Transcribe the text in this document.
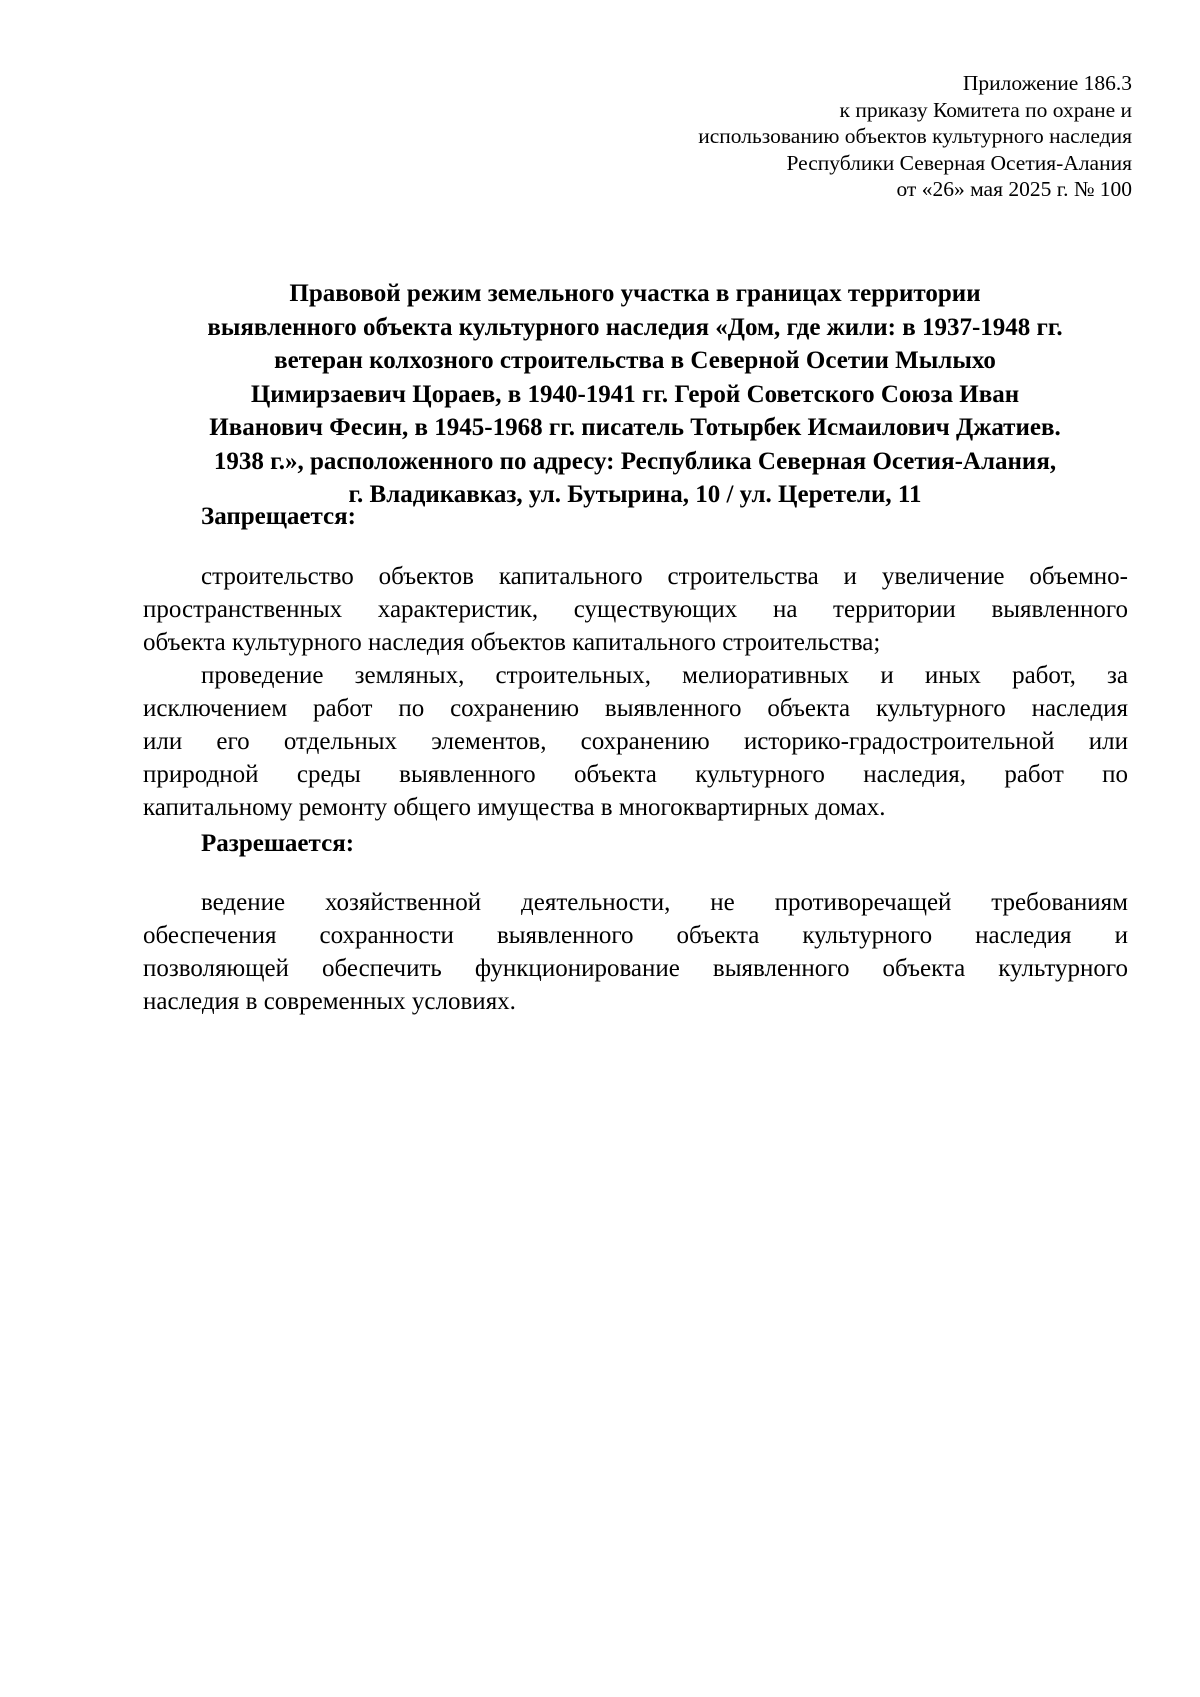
Приложение 186.3
к приказу Комитета по охране и
использованию объектов культурного наследия
Республики Северная Осетия-Алания
от «26» мая 2025 г. № 100
Правовой режим земельного участка в границах территории
выявленного объекта культурного наследия «Дом, где жили: в 1937-1948 гг.
ветеран колхозного строительства в Северной Осетии Мылыхо
Цимирзаевич Цораев, в 1940-1941 гг. Герой Советского Союза Иван
Иванович Фесин, в 1945-1968 гг. писатель Тотырбек Исмаилович Джатиев.
1938 г.», расположенного по адресу: Республика Северная Осетия-Алания,
г. Владикавказ, ул. Бутырина, 10 / ул. Церетели, 11
Запрещается:
строительство объектов капитального строительства и увеличение объемно-
пространственных характеристик, существующих на территории выявленного
объекта культурного наследия объектов капитального строительства;
проведение земляных, строительных, мелиоративных и иных работ, за
исключением работ по сохранению выявленного объекта культурного наследия
или его отдельных элементов, сохранению историко-градостроительной или
природной среды выявленного объекта культурного наследия, работ по
капитальному ремонту общего имущества в многоквартирных домах.
Разрешается:
ведение хозяйственной деятельности, не противоречащей требованиям
обеспечения сохранности выявленного объекта культурного наследия и
позволяющей обеспечить функционирование выявленного объекта культурного
наследия в современных условиях.
